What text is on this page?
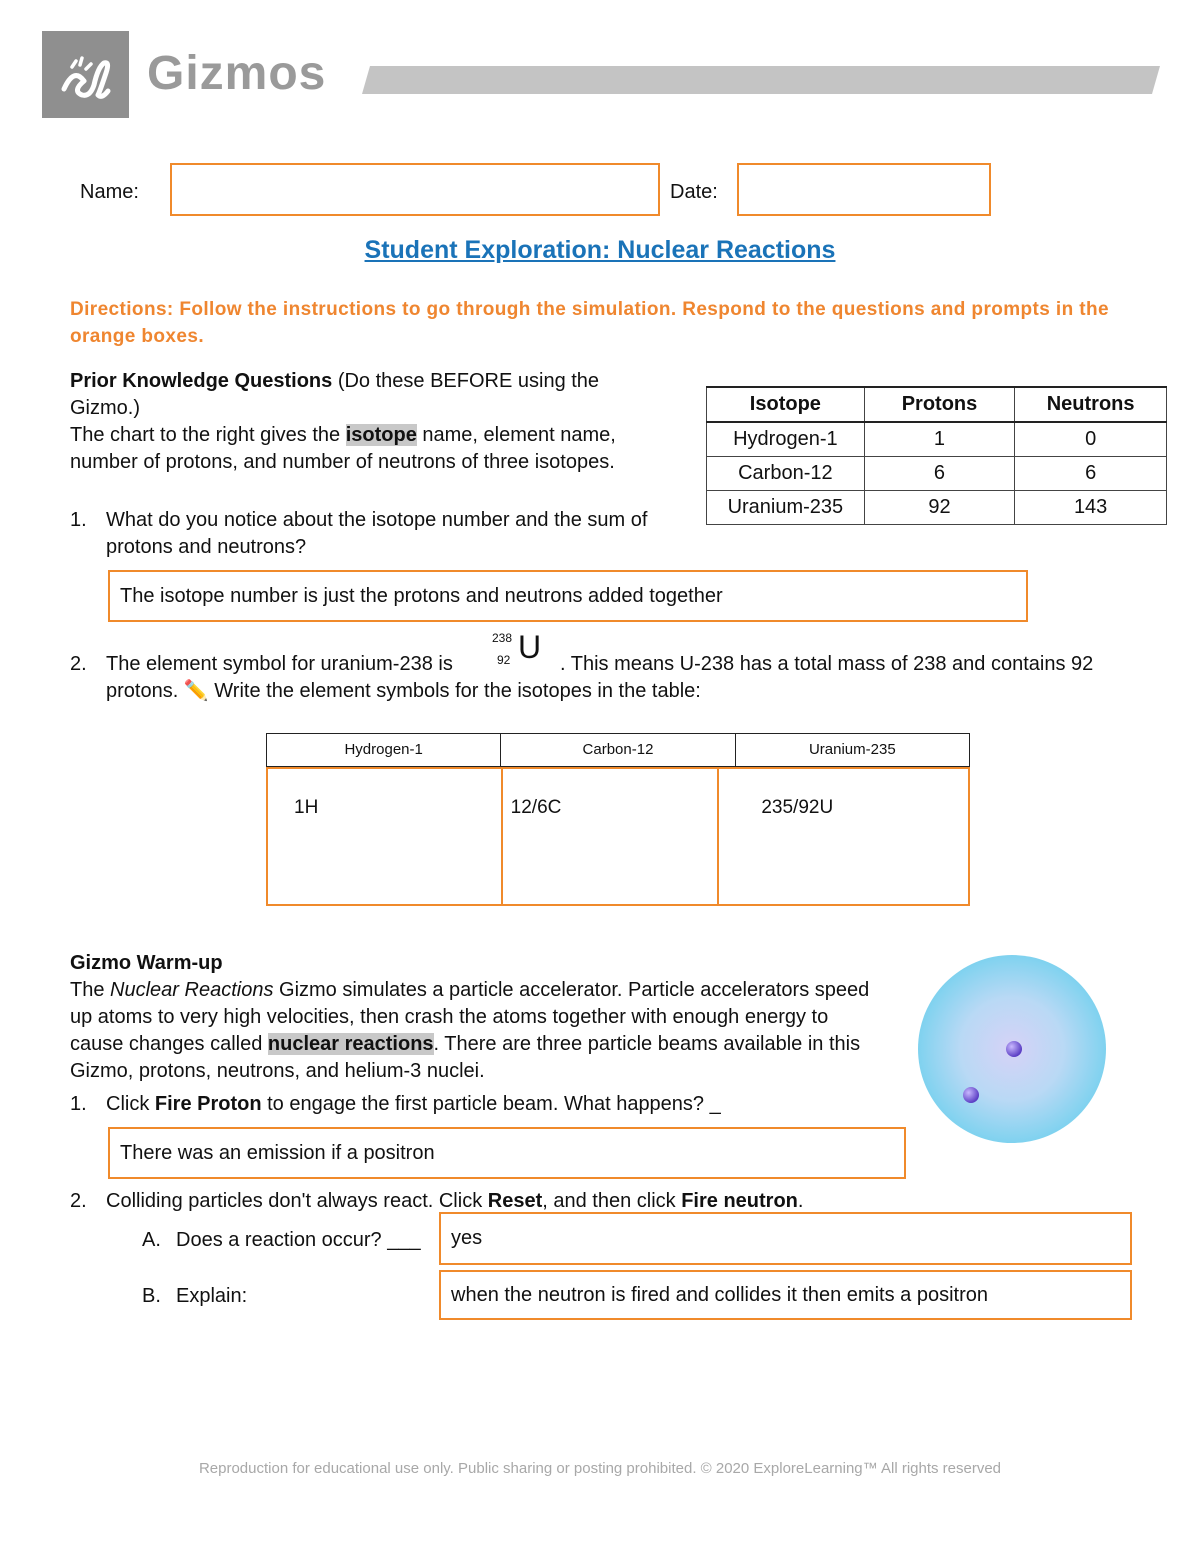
Gizmos
Name:	Date:
Student Exploration: Nuclear Reactions
Directions: Follow the instructions to go through the simulation. Respond to the questions and prompts in the orange boxes.
Prior Knowledge Questions (Do these BEFORE using the Gizmo.)
The chart to the right gives the isotope name, element name, number of protons, and number of neutrons of three isotopes.
Isotope	Protons	Neutrons
Hydrogen-1	1	0
Carbon-12	6	6
Uranium-235	92	143
1. What do you notice about the isotope number and the sum of protons and neutrons?
The isotope number is just the protons and neutrons added together
2. The element symbol for uranium-238 is
238
92 U . This means U-238 has a total mass of 238 and contains 92 protons. ✏️ Write the element symbols for the isotopes in the table:
Hydrogen-1	Carbon-12	Uranium-235
1H	12/6C	235/92U
Gizmo Warm-up
The Nuclear Reactions Gizmo simulates a particle accelerator. Particle accelerators speed up atoms to very high velocities, then crash the atoms together with enough energy to cause changes called nuclear reactions. There are three particle beams available in this Gizmo, protons, neutrons, and helium-3 nuclei.
1. Click Fire Proton to engage the first particle beam. What happens? _
There was an emission if a positron
2. Colliding particles don't always react. Click Reset, and then click Fire neutron.
A. Does a reaction occur? ___	yes
B. Explain:	when the neutron is fired and collides it then emits a positron
Reproduction for educational use only. Public sharing or posting prohibited. © 2020 ExploreLearning™ All rights reserved
